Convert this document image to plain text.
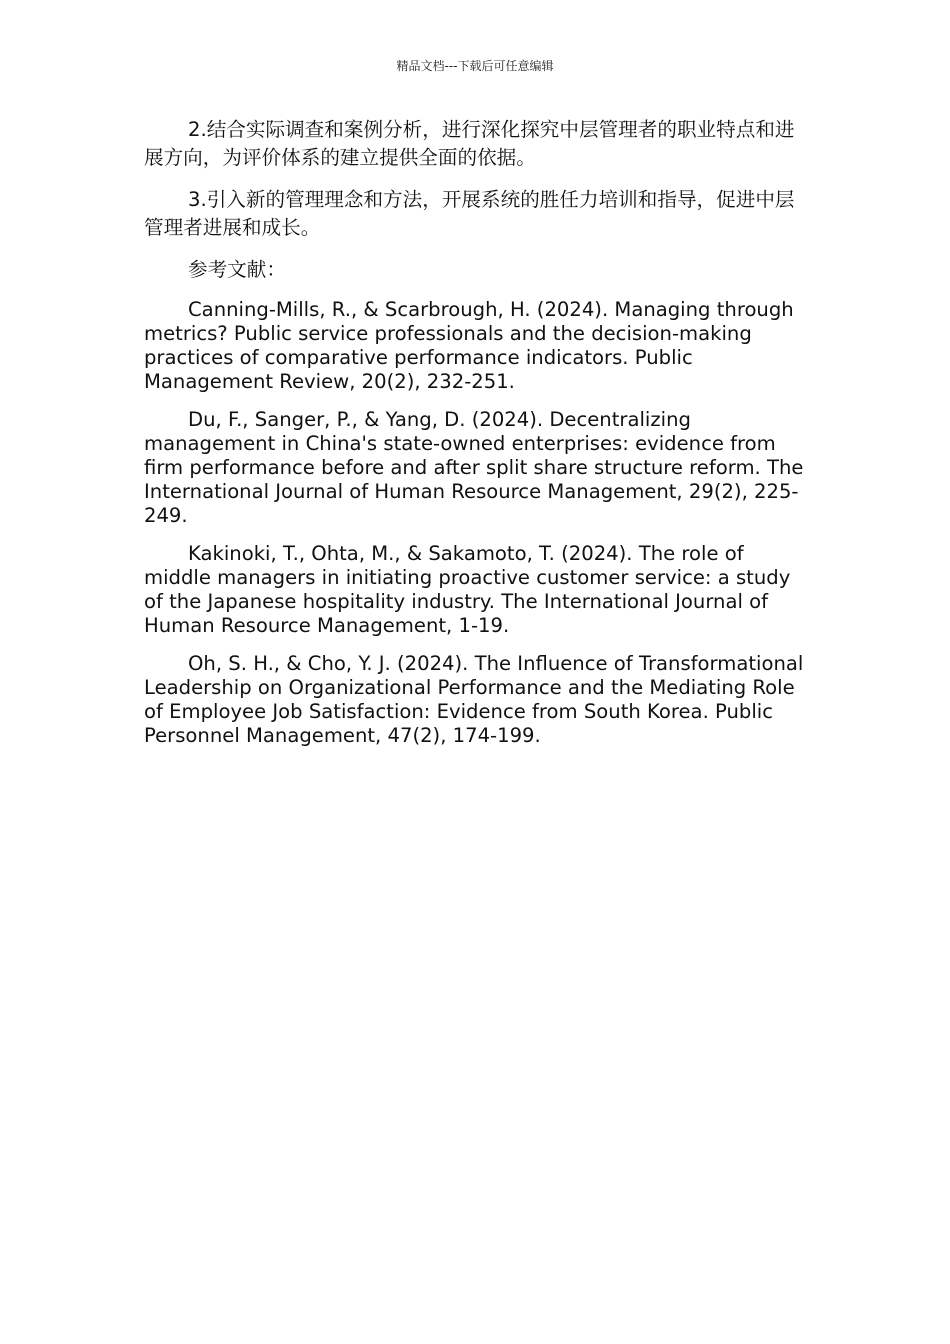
精品文档---下载后可任意编辑

2.结合实际调查和案例分析，进行深化探究中层管理者的职业特点和进展方向，为评价体系的建立提供全面的依据。

3.引入新的管理理念和方法，开展系统的胜任力培训和指导，促进中层管理者进展和成长。

参考文献：

Canning-Mills, R., & Scarbrough, H. (2024). Managing through metrics? Public service professionals and the decision-making practices of comparative performance indicators. Public Management Review, 20(2), 232-251.

Du, F., Sanger, P., & Yang, D. (2024). Decentralizing management in China's state-owned enterprises: evidence from firm performance before and after split share structure reform. The International Journal of Human Resource Management, 29(2), 225-249.

Kakinoki, T., Ohta, M., & Sakamoto, T. (2024). The role of middle managers in initiating proactive customer service: a study of the Japanese hospitality industry. The International Journal of Human Resource Management, 1-19.

Oh, S. H., & Cho, Y. J. (2024). The Influence of Transformational Leadership on Organizational Performance and the Mediating Role of Employee Job Satisfaction: Evidence from South Korea. Public Personnel Management, 47(2), 174-199.
